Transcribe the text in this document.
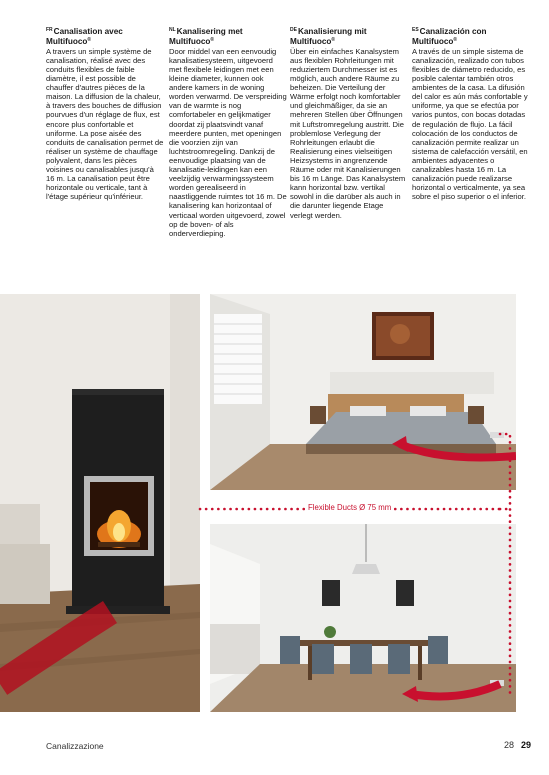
$^{FR}$Canalisation avec Multifuoco®

A travers un simple système de canalisation, réalisé avec des conduits flexibles de faible diamètre, il est possible de chauffer d'autres pièces de la maison. La diffusion de la chaleur, à travers des bouches de diffusion pourvues d'un réglage de flux, est encore plus confortable et uniforme. La pose aisée des conduits de canalisation permet de réaliser un système de chauffage polyvalent, dans les pièces voisines ou canalisables jusqu'à 16 m. La canalisation peut être horizontale ou verticale, tant à l'étage supérieur qu'inférieur.

$^{NL}$Kanalisering met Multifuoco®

Door middel van een eenvoudig kanalisatiesysteem, uitgevoerd met flexibele leidingen met een kleine diameter, kunnen ook andere kamers in de woning worden verwarmd. De verspreiding van de warmte is nog comfortabeler en gelijkmatiger doordat zij plaatsvindt vanaf meerdere punten, met openingen die voorzien zijn van luchtstroomregeling. Dankzij de eenvoudige plaatsing van de kanalisatie-leidingen kan een veelzijdig verwarmingssysteem worden gerealiseerd in naastliggende ruimtes tot 16 m. De kanalisering kan horizontaal of verticaal worden uitgevoerd, zowel op de boven- of als onderverdieping.

$^{DE}$Kanalisierung mit Multifuoco®

Über ein einfaches Kanalsystem aus flexiblen Rohrleitungen mit reduziertem Durchmesser ist es möglich, auch andere Räume zu beheizen. Die Verteilung der Wärme erfolgt noch komfortabler und gleichmäßiger, da sie an mehreren Stellen über Öffnungen mit Luftstromregelung austritt. Die problemlose Verlegung der Rohrleitungen erlaubt die Realisierung eines vielseitigen Heizsystems in angrenzende Räume oder mit Kanalisierungen bis 16 m Länge. Das Kanalsystem kann horizontal bzw. vertikal sowohl in die darüber als auch in die darunter liegende Etage verlegt werden.

$^{ES}$Canalización con Multifuoco®

A través de un simple sistema de canalización, realizado con tubos flexibles de diámetro reducido, es posible calentar también otros ambientes de la casa. La difusión del calor es aún más confortable y uniforme, ya que se efectúa por varios puntos, con bocas dotadas de regulación de flujo. La fácil colocación de los conductos de canalización permite realizar un sistema de calefacción versátil, en ambientes adyacentes o canalizables hasta 16 m. La canalización puede realizarse horizontal o verticalmente, ya sea sobre el piso superior o el inferior.

Flexible Ducts Ø 75 mm
Canalizzazione	28 29
